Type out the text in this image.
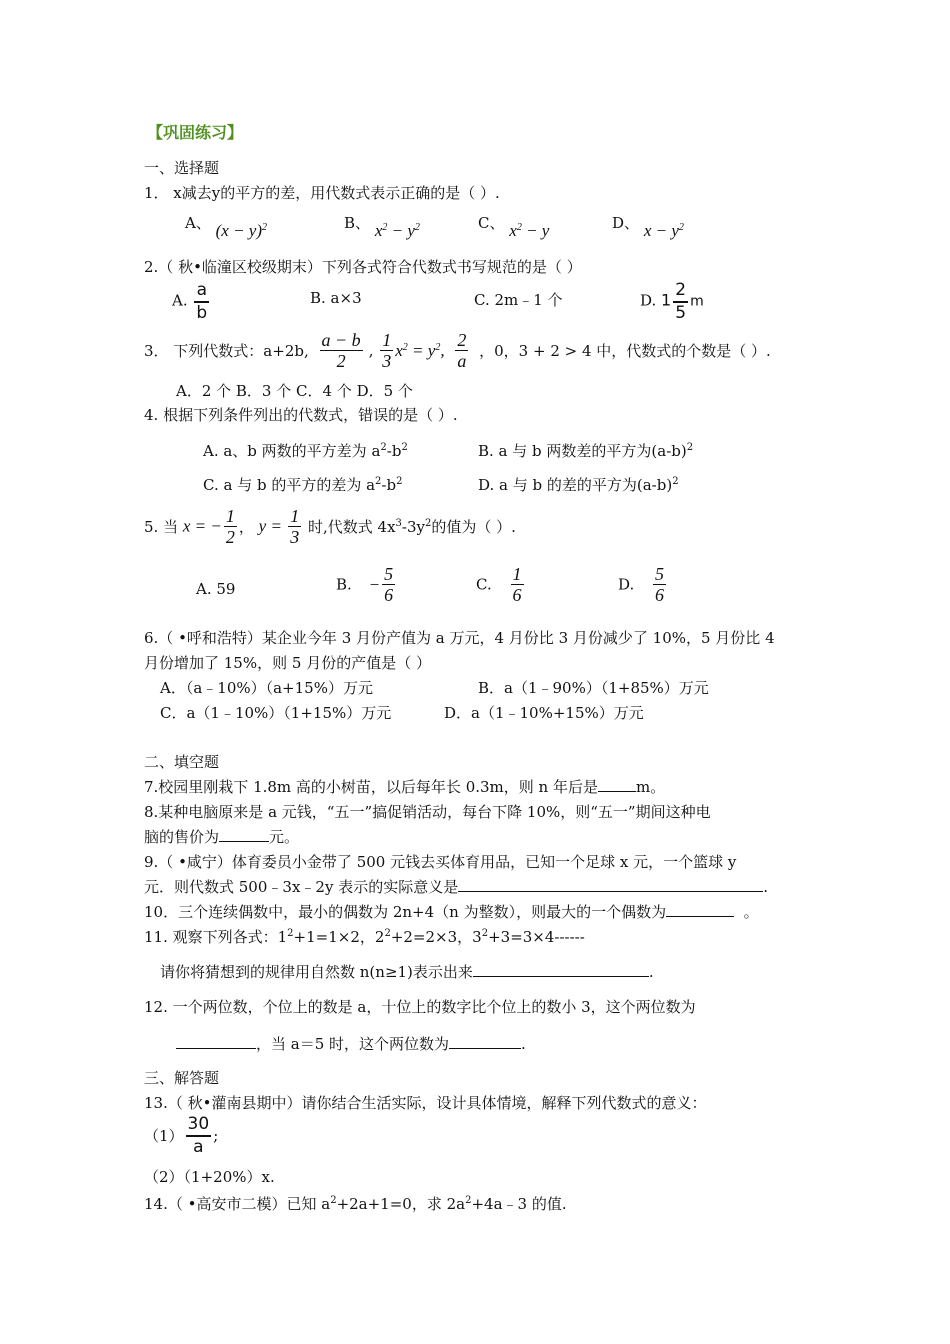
【巩固练习】
一、选择题
1． x减去y的平方的差，用代数式表示正确的是（ ）.
A、 $(x - y)^2$	B、 $x^2 - y^2$	C、 $x^2 - y$	D、 $x - y^2$
2.（ 秋•临潼区校级期末）下列各式符合代数式书写规范的是（ ）
A. $\frac{a}{b}$	B. a×3	C. 2m﹣1 个	D. $1 \frac{2}{5}$ m
3． 下列代数式：a+2b, $\frac{a - b}{2}$ , $\frac{1}{3} x^2 = y^2$, $\frac{2}{a}$ ，0，3 + 2 > 4 中，代数式的个数是（ ）.
A．2 个 B．3 个 C．4 个 D．5 个
4. 根据下列条件列出的代数式，错误的是（ ）.
A. a、b 两数的平方差为 $a^2-b^2$	B. a 与 b 两数差的平方为$(a-b)^2$
C. a 与 b 的平方的差为 $a^2-b^2$	D. a 与 b 的差的平方为$(a-b)^2$
5. 当 x = − $\frac{1}{2}$ ， $y = \frac{1}{3}$ 时,代数式 $4x^3-3y^2$的值为（ ）.
A. 59	B. − $\frac{5}{6}$	C. $\frac{1}{6}$	D. $\frac{5}{6}$
6.（ •呼和浩特）某企业今年 3 月份产值为 a 万元，4 月份比 3 月份减少了 10%，5 月份比 4
月份增加了 15%，则 5 月份的产值是（ ）
A．（a﹣10%）（a+15%）万元	B．a（1﹣90%）（1+85%）万元
C．a（1﹣10%）（1+15%）万元	D．a（1﹣10%+15%）万元
二、填空题
7.校园里刚栽下 1.8m 高的小树苗，以后每年长 0.3m，则 n 年后是	m。
8.某种电脑原来是 a 元钱，“五一”搞促销活动，每台下降 10%，则“五一”期间这种电
脑的售价为	元。
9.（ •咸宁）体育委员小金带了 500 元钱去买体育用品，已知一个足球 x 元，一个篮球 y
元．则代数式 500﹣3x﹣2y 表示的实际意义是	.
10．三个连续偶数中，最小的偶数为 2n+4（n 为整数），则最大的一个偶数为	。
11. 观察下列各式：$1^2+1=1\times 2$，$2^2+2=2\times 3$，$3^2+3=3\times 4------$
请你将猜想到的规律用自然数 n(n≥1)表示出来	.
12. 一个两位数，个位上的数是 a，十位上的数字比个位上的数小 3，这个两位数为
，当 a＝5 时，这个两位数为	.
三、解答题
13.（ 秋•灌南县期中）请你结合生活实际，设计具体情境，解释下列代数式的意义：
$(1) \frac{30}{a}$ ;
（2）（1+20%）x.
14.（ •高安市二模）已知 $a^2+2a+1=0$，求 $2a^2+4a﹣3$ 的值.
